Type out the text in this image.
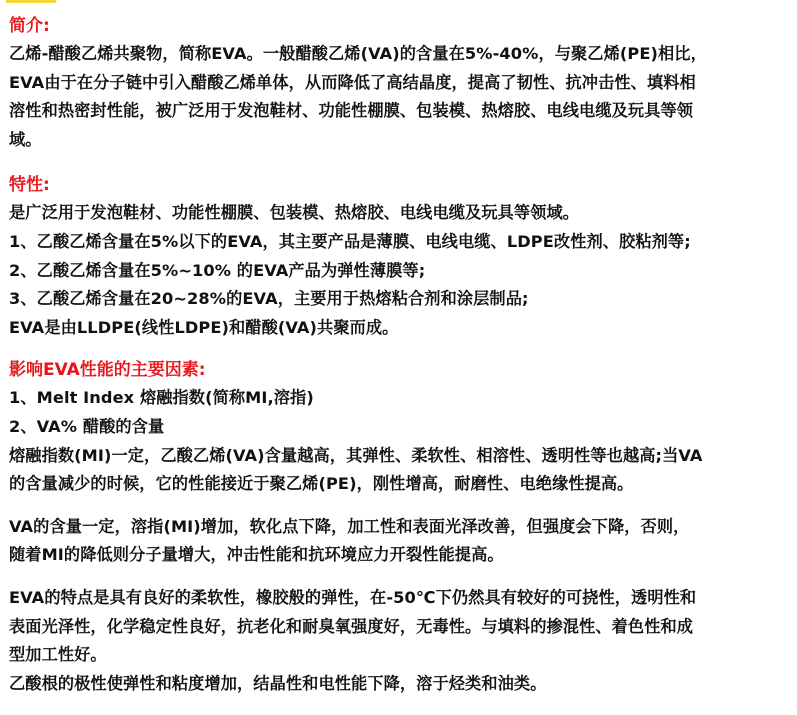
简介:
乙烯-醋酸乙烯共聚物，简称EVA。一般醋酸乙烯(VA)的含量在5%-40%，与聚乙烯(PE)相比，
EVA由于在分子链中引入醋酸乙烯单体，从而降低了高结晶度，提高了韧性、抗冲击性、填料相
溶性和热密封性能，被广泛用于发泡鞋材、功能性棚膜、包装模、热熔胶、电线电缆及玩具等领
域。
特性:
是广泛用于发泡鞋材、功能性棚膜、包装模、热熔胶、电线电缆及玩具等领域。
1、乙酸乙烯含量在5%以下的EVA，其主要产品是薄膜、电线电缆、LDPE改性剂、胶粘剂等;
2、乙酸乙烯含量在5%~10% 的EVA产品为弹性薄膜等;
3、乙酸乙烯含量在20~28%的EVA，主要用于热熔粘合剂和涂层制品;
EVA是由LLDPE(线性LDPE)和醋酸(VA)共聚而成。
影响EVA性能的主要因素:
1、Melt Index 熔融指数(简称MI,溶指)
2、VA% 醋酸的含量
熔融指数(MI)一定，乙酸乙烯(VA)含量越高，其弹性、柔软性、相溶性、透明性等也越高;当VA
的含量减少的时候，它的性能接近于聚乙烯(PE)，刚性增高，耐磨性、电绝缘性提高。
VA的含量一定，溶指(MI)增加，软化点下降，加工性和表面光泽改善，但强度会下降，否则，
随着MI的降低则分子量增大，冲击性能和抗环境应力开裂性能提高。
EVA的特点是具有良好的柔软性，橡胶般的弹性，在-50℃下仍然具有较好的可挠性，透明性和
表面光泽性，化学稳定性良好，抗老化和耐臭氧强度好，无毒性。与填料的掺混性、着色性和成
型加工性好。
乙酸根的极性使弹性和粘度增加，结晶性和电性能下降，溶于烃类和油类。
